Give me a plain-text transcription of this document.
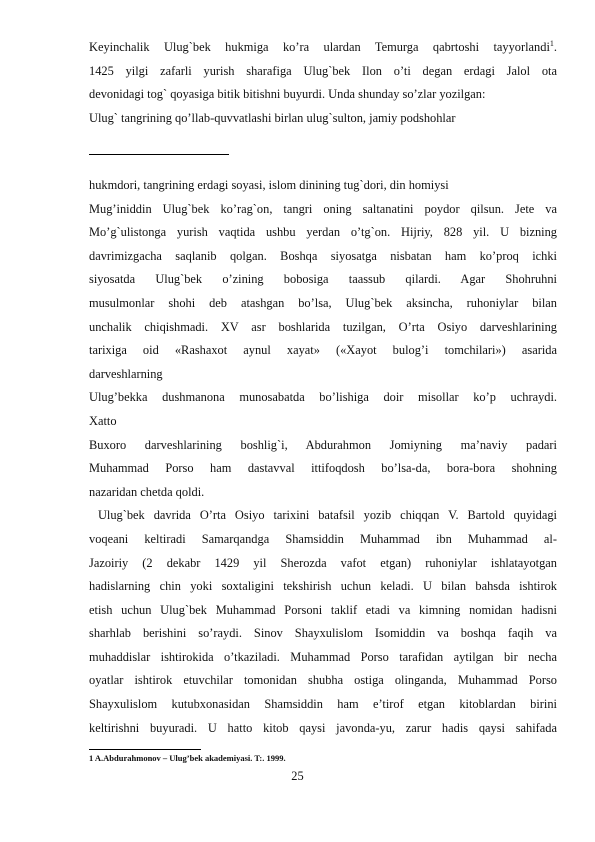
Keyinchalik Ulug`bek hukmiga ko’ra ulardan Temurga qabrtoshi tayyorlandi$^1$.
1425 yilgi zafarli yurish sharafiga Ulug`bek Ilon o’ti degan erdagi Jalol ota
devonidagi tog` qoyasiga bitik bitishni buyurdi. Unda shunday so’zlar yozilgan:
Ulug` tangrining qo’llab-quvvatlashi birlan ulug`sulton, jamiy podshohlar
hukmdori, tangrining erdagi soyasi, islom dinining tug`dori, din homiysi
Mug’iniddin Ulug`bek ko’rag`on, tangri oning saltanatini poydor qilsun. Jete va
Mo’g`ulistonga yurish vaqtida ushbu yerdan o’tg`on. Hijriy, 828 yil. U bizning
davrimizgacha saqlanib qolgan. Boshqa siyosatga nisbatan ham ko’proq ichki
siyosatda Ulug`bek o’zining bobosiga taassub qilardi. Agar Shohruhni
musulmonlar shohi deb atashgan bo’lsa, Ulug`bek aksincha, ruhoniylar bilan
unchalik chiqishmadi. XV asr boshlarida tuzilgan, O’rta Osiyo darveshlarining
tarixiga oid «Rashaxot aynul xayat» («Xayot bulog’i tomchilari») asarida
darveshlarning
Ulug’bekka dushmanona munosabatda bo’lishiga doir misollar ko’p uchraydi.
Xatto
Buxoro darveshlarining boshlig`i, Abdurahmon Jomiyning ma’naviy padari
Muhammad Porso ham dastavval ittifoqdosh bo’lsa-da, bora-bora shohning
nazaridan chetda qoldi.
Ulug`bek davrida O’rta Osiyo tarixini batafsil yozib chiqqan V. Bartold quyidagi
voqeani keltiradi Samarqandga Shamsiddin Muhammad ibn Muhammad al-
Jazoiriy (2 dekabr 1429 yil Sherozda vafot etgan) ruhoniylar ishlatayotgan
hadislarning chin yoki soxtaligini tekshirish uchun keladi. U bilan bahsda ishtirok
etish uchun Ulug`bek Muhammad Porsoni taklif etadi va kimning nomidan hadisni
sharhlab berishini so’raydi. Sinov Shayxulislom Isomiddin va boshqa faqih va
muhaddislar ishtirokida o’tkaziladi. Muhammad Porso tarafidan aytilgan bir necha
oyatlar ishtirok etuvchilar tomonidan shubha ostiga olinganda, Muhammad Porso
Shayxulislom kutubxonasidan Shamsiddin ham e’tirof etgan kitoblardan birini
keltirishni buyuradi. U hatto kitob qaysi javonda-yu, zarur hadis qaysi sahifada
1 A.Abdurahmonov – Ulug’bek akademiyasi. T:. 1999.
25
